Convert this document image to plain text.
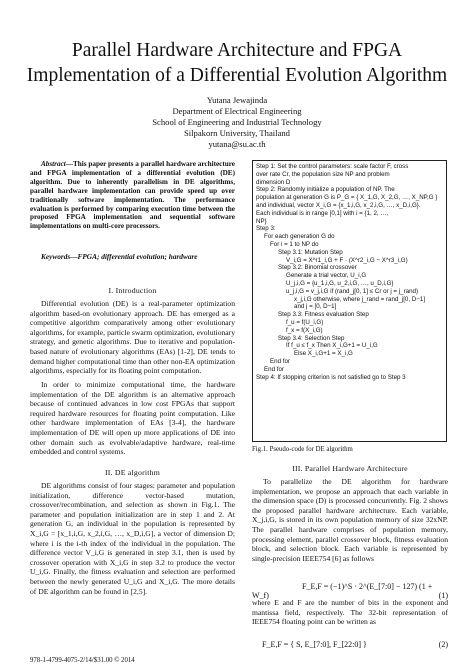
Parallel Hardware Architecture and FPGA
Implementation of a Differential Evolution Algorithm
Yutana Jewajinda
Department of Electrical Engineering
School of Engineering and Industrial Technology
Silpakorn University, Thailand
yutana@su.ac.th

Abstract—This paper presents a parallel hardware architecture and FPGA implementation of a differential evolution (DE) algorithm. Due to inherently parallelism in DE algorithms, parallel hardware implementation can provide speed up over traditionally software implementation. The performance evaluation is performed by comparing execution time between the proposed FPGA implementation and sequential software implementations on multi-core processors.

Keywords—FPGA; differential evolution; hardware

I. Introduction

Differential evolution (DE) is a real-parameter optimization algorithm based-on evolutionary approach. DE has emerged as a competitive algorithm comparatively among other evolutionary algorithms, for example, particle swarm optimization, evolutionary strategy, and genetic algorithms. Due to iterative and population-based nature of evolutionary algorithms (EAs) [1-2], DE tends to demand higher computational time than other non-EA optimization algorithms, especially for its floating point computation.

In order to minimize computational time, the hardware implementation of the DE algorithm is an alternative approach because of continued advances in low cost FPGAs that support required hardware resources for floating point computation. Like other hardware implementation of EAs [3-4], the hardware implementation of DE will open up more applications of DE into other domain such as evolvable/adaptive hardware, real-time embedded and control systems.

II. DE algorithm

DE algorithms consist of four stages: parameter and population initialization, difference vector-based mutation, crossover/recombination, and selection as shown in Fig.1. The parameter and population initialization are in step 1 and 2. At generation G, an individual in the population is represented by X_i,G = [x_1,i,G, x_2,i,G, …, x_D,i,G], a vector of dimension D; where i is the i-th index of the individual in the population. The difference vector V_i,G is generated in step 3.1, then is used by crossover operation with X_i,G in step 3.2 to produce the vector U_i,G. Finally, the fitness evaluation and selection are performed between the newly generated U_i,G and X_i,G. The more details of DE algorithm can be found in [2,5].

Step 1: Set the control parameters: scale factor F, cross
over rate Cr, the population size NP and problem
dimension D
Step 2: Randomly initialize a population of NP. The
population at generation G is P_G = { X_1,G, X_2,G, …, X_NP,G }
and individual, vector X_i,G = {x_1,i,G, x_2,i,G, …, x_D,i,G}.
Each individual is in range [0,1] with i = {1, 2, …,
NP}
Step 3:
For each generation G do
For i = 1 to NP do
Step 3.1: Mutation Step
V_i,G = X^r1_i,G + F · (X^r2_i,G − X^r3_i,G)
Step 3.2: Binomial crossover
Generate a trial vector, U_i,G
U_j,i,G = {u_1,i,G, u_2,i,G, …, u_D,i,G}
u_j,i,G = v_j,i,G if (rand_j[0, 1] ≤ Cr or j = j_rand)
x_j,i,G otherwise, where j_rand = rand_j[0, D−1]
and j = [0, D−1]
Step 3.3: Fitness evaluation Step
f_u = f(U_i,G)
f_x = f(X_i,G)
Step 3.4: Selection Step
If f_u ≤ f_x Then X_i,G+1 = U_i,G
Else X_i,G+1 = X_i,G
End for
End for
Step 4: If stopping criterion is not satisfied go to Step 3
Fig.1. Pseudo-code for DE algorithm
III. Parallel Hardware Architecture

To parallelize the DE algorithm for hardware implementation, we propose an approach that each variable in the dimension space (D) is processed concurrently. Fig. 2 shows the proposed parallel hardware architecture. Each variable, X_j,i,G, is stored in its own population memory of size 32xNP. The parallel hardware comprises of population memory, processing element, parallel crossover block, fitness evaluation block, and selection block. Each variable is represented by single-precision IEEE754 [6] as follows

F_E,F = (−1)^S · 2^(E_[7:0] − 127) (1 + W_f)	(1)
where E and F are the number of bits in the exponent and mantissa field, respectively. The 32-bit representation of IEEE754 floating point can be written as
F_E,F = { S, E_[7:0], F_[22:0] }	(2)
978-1-4799-4075-2/14/$31.00 © 2014
